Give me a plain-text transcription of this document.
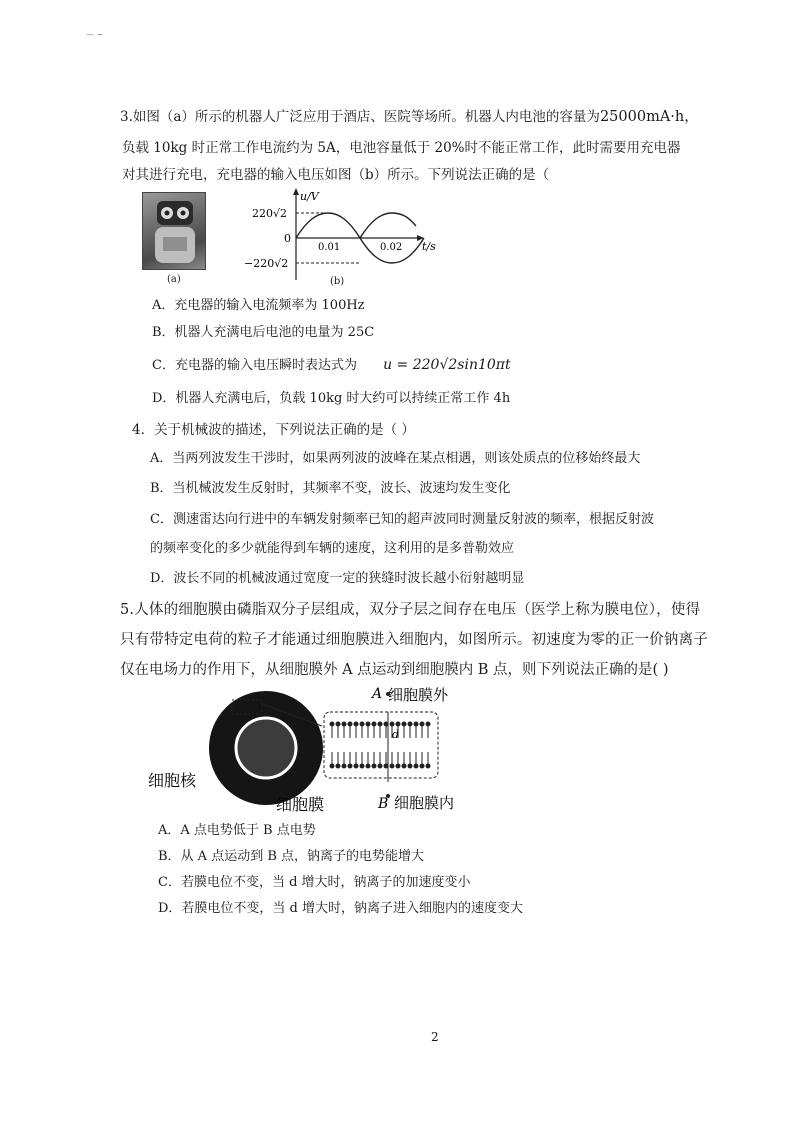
— ~
3.如图（a）所示的机器人广泛应用于酒店、医院等场所。机器人内电池的容量为25000mA·h，
负载 10kg 时正常工作电流约为 5A，电池容量低于 20%时不能正常工作，此时需要用充电器
对其进行充电，充电器的输入电压如图（b）所示。下列说法正确的是（
(a)
u/V
t/s
0
220√2
−220√2
0.01	0.02
(b)
A．充电器的输入电流频率为 100Hz
B．机器人充满电后电池的电量为 25C
C．充电器的输入电压瞬时表达式为 u = 220√2sin10πt
D．机器人充满电后，负载 10kg 时大约可以持续正常工作 4h
4．关于机械波的描述，下列说法正确的是（ ）
A．当两列波发生干涉时，如果两列波的波峰在某点相遇，则该处质点的位移始终最大
B．当机械波发生反射时，其频率不变，波长、波速均发生变化
C．测速雷达向行进中的车辆发射频率已知的超声波同时测量反射波的频率，根据反射波
的频率变化的多少就能得到车辆的速度，这利用的是多普勒效应
D．波长不同的机械波通过宽度一定的狭缝时波长越小衍射越明显
5.人体的细胞膜由磷脂双分子层组成，双分子层之间存在电压（医学上称为膜电位），使得
只有带特定电荷的粒子才能通过细胞膜进入细胞内，如图所示。初速度为零的正一价钠离子
仅在电场力的作用下，从细胞膜外 A 点运动到细胞膜内 B 点，则下列说法正确的是( )
A 细胞膜外
d
B 细胞膜内
细胞核
细胞膜
A．A 点电势低于 B 点电势
B．从 A 点运动到 B 点，钠离子的电势能增大
C．若膜电位不变，当 d 增大时，钠离子的加速度变小
D．若膜电位不变，当 d 增大时，钠离子进入细胞内的速度变大
2
